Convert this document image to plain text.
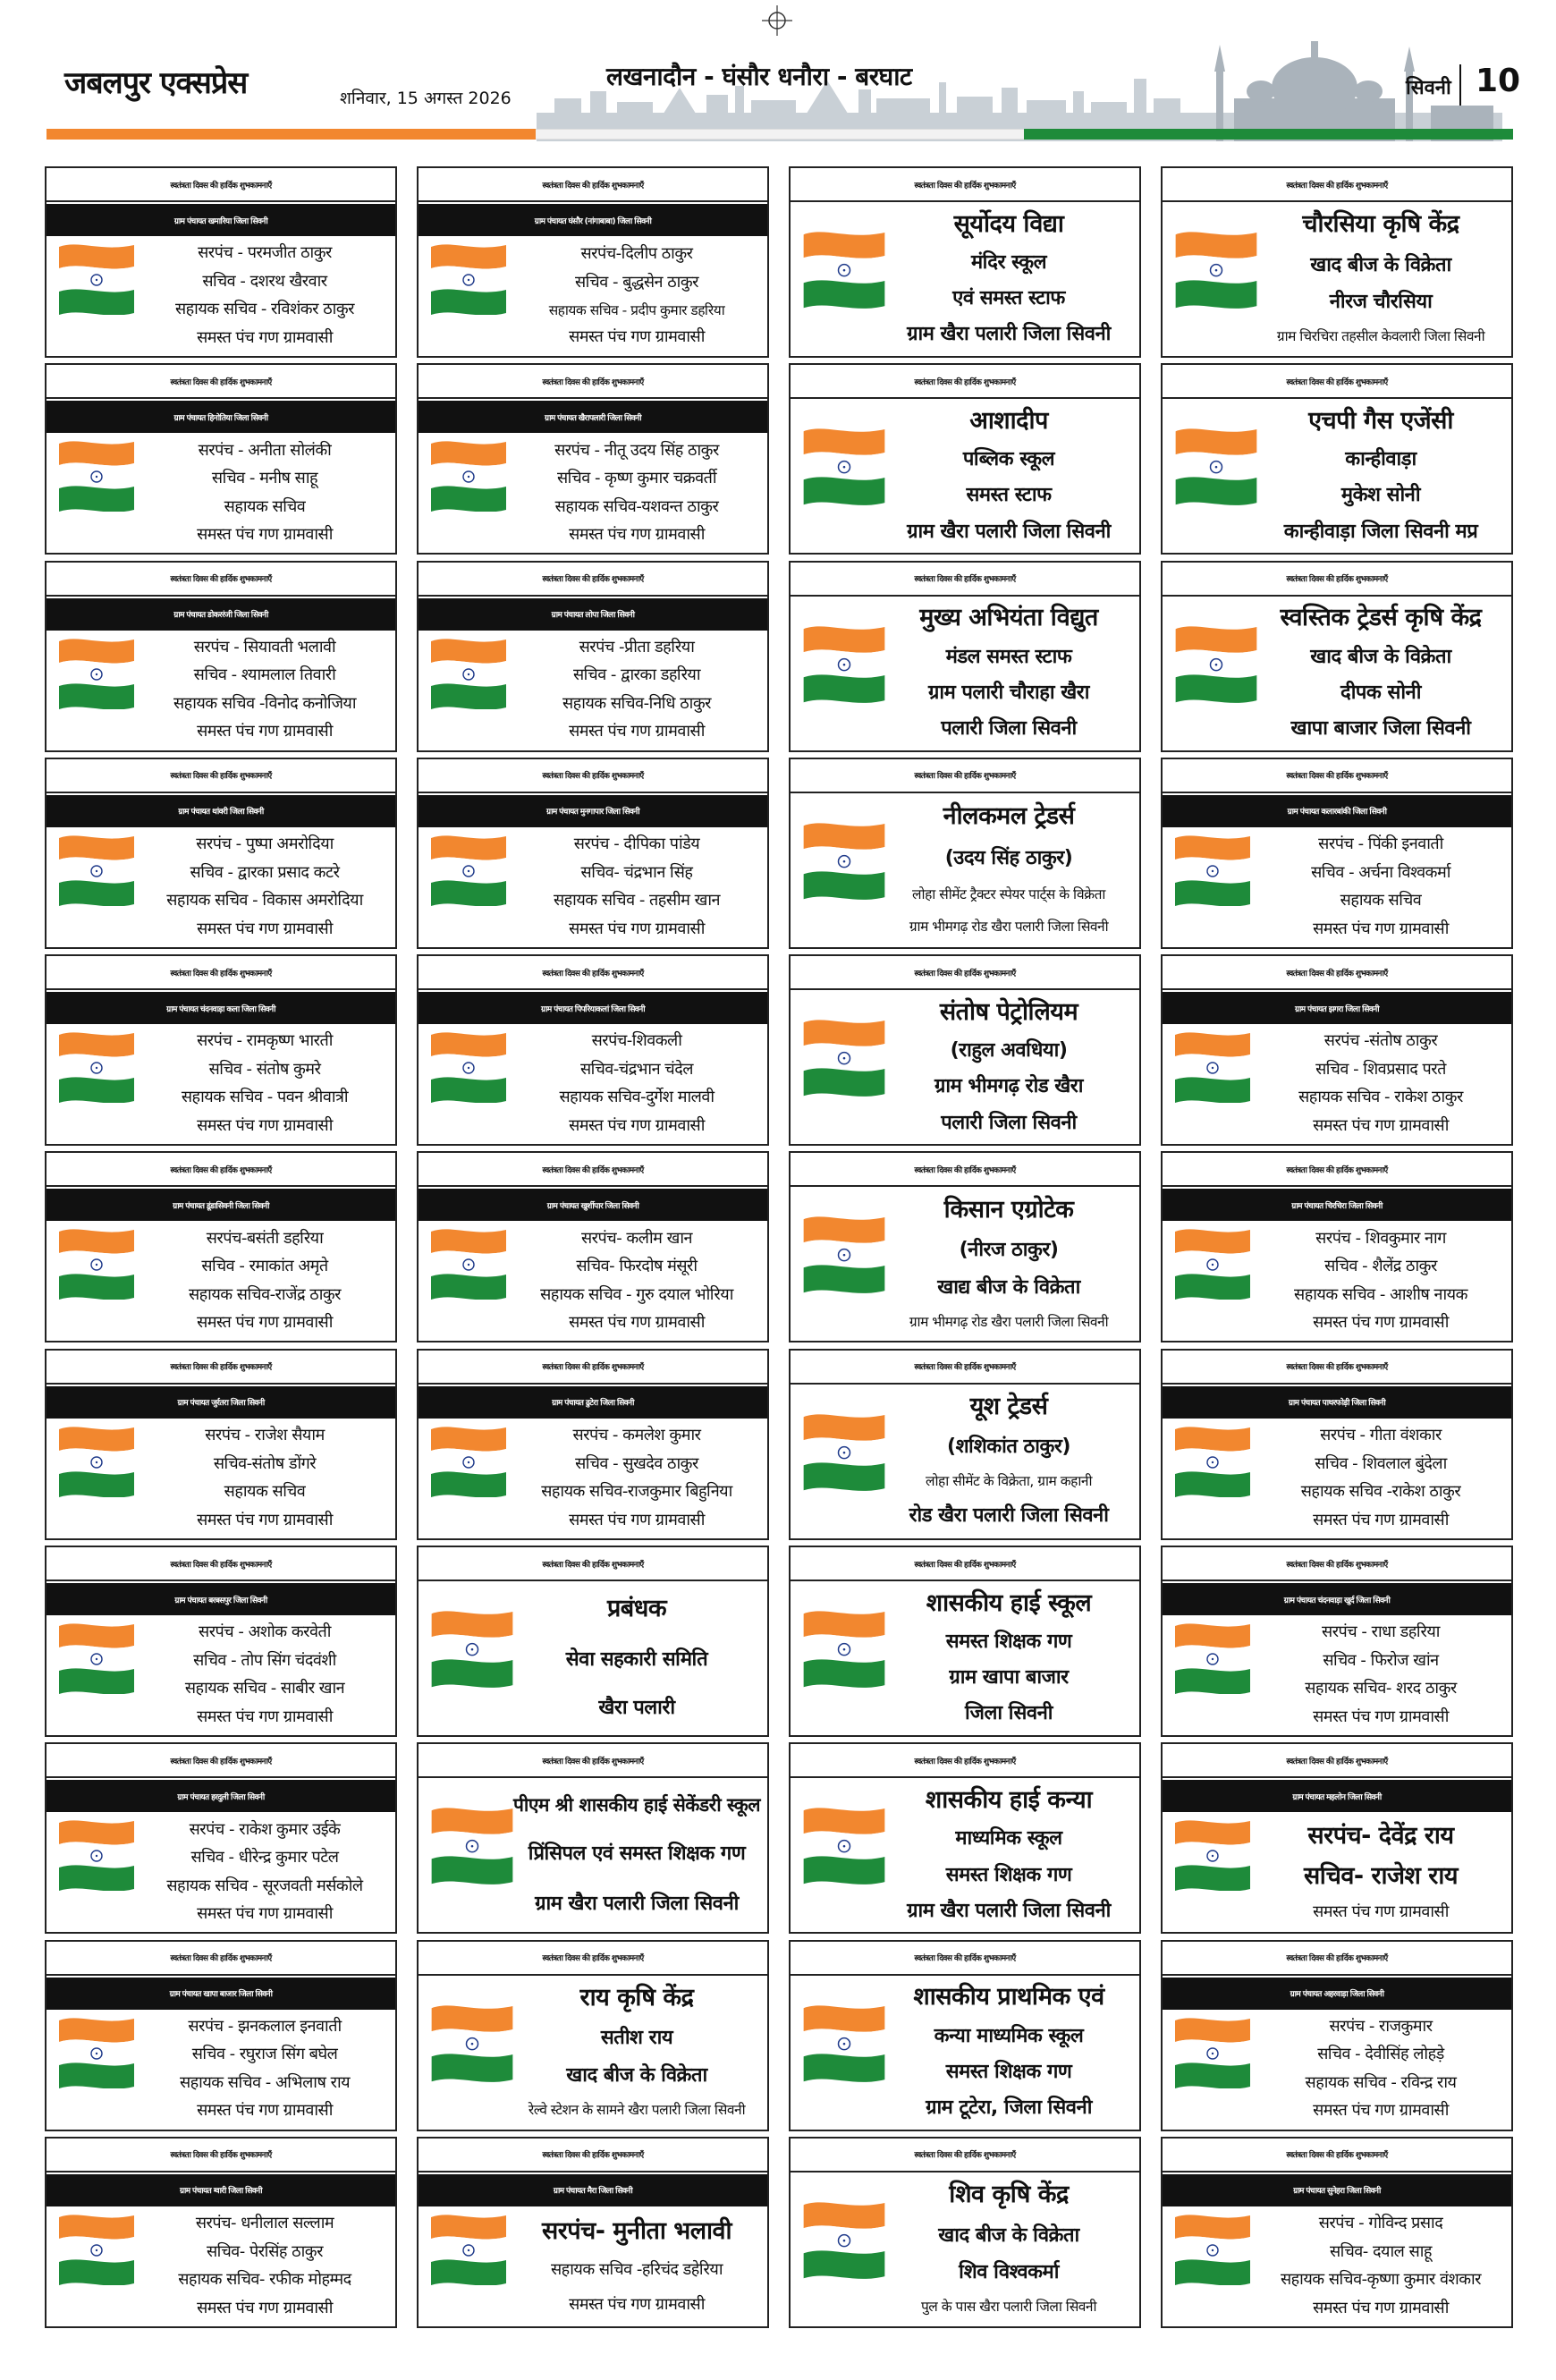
जबलपुर एक्सप्रेस	शनिवार, 15 अगस्त 2026
लखनादौन - घंसौर धनौरा - बरघाट	सिवनी 10
स्वतंत्रता दिवस की हार्दिक शुभकामनाएँ
ग्राम पंचायत खमारिया जिला सिवनी
सरपंच - परमजीत ठाकुर
सचिव - दशरथ खैरवार
सहायक सचिव - रविशंकर ठाकुर
समस्त पंच गण ग्रामवासी
स्वतंत्रता दिवस की हार्दिक शुभकामनाएँ
ग्राम पंचायत घंसौर (नांगाबाबा) जिला सिवनी
सरपंच-दिलीप ठाकुर
सचिव - बुद्धसेन ठाकुर
सहायक सचिव - प्रदीप कुमार डहरिया
समस्त पंच गण ग्रामवासी
स्वतंत्रता दिवस की हार्दिक शुभकामनाएँ
सूर्योदय विद्या
मंदिर स्कूल
एवं समस्त स्टाफ
ग्राम खैरा पलारी जिला सिवनी
स्वतंत्रता दिवस की हार्दिक शुभकामनाएँ
चौरसिया कृषि केंद्र
खाद बीज के विक्रेता
नीरज चौरसिया
ग्राम चिरचिरा तहसील केवलारी जिला सिवनी
स्वतंत्रता दिवस की हार्दिक शुभकामनाएँ
ग्राम पंचायत हिनोतिया जिला सिवनी
सरपंच - अनीता सोलंकी
सचिव - मनीष साहू
सहायक सचिव
समस्त पंच गण ग्रामवासी
स्वतंत्रता दिवस की हार्दिक शुभकामनाएँ
ग्राम पंचायत खैरापलारी जिला सिवनी
सरपंच - नीतू उदय सिंह ठाकुर
सचिव - कृष्ण कुमार चक्रवर्ती
सहायक सचिव-यशवन्त ठाकुर
समस्त पंच गण ग्रामवासी
स्वतंत्रता दिवस की हार्दिक शुभकामनाएँ
आशादीप
पब्लिक स्कूल
समस्त स्टाफ
ग्राम खैरा पलारी जिला सिवनी
स्वतंत्रता दिवस की हार्दिक शुभकामनाएँ
एचपी गैस एजेंसी
कान्हीवाड़ा
मुकेश सोनी
कान्हीवाड़ा जिला सिवनी मप्र
स्वतंत्रता दिवस की हार्दिक शुभकामनाएँ
ग्राम पंचायत डोकररंजी जिला सिवनी
सरपंच - सियावती भलावी
सचिव - श्यामलाल तिवारी
सहायक सचिव -विनोद कनोजिया
समस्त पंच गण ग्रामवासी
स्वतंत्रता दिवस की हार्दिक शुभकामनाएँ
ग्राम पंचायत लोपा जिला सिवनी
सरपंच -प्रीता डहरिया
सचिव - द्वारका डहरिया
सहायक सचिव-निधि ठाकुर
समस्त पंच गण ग्रामवासी
स्वतंत्रता दिवस की हार्दिक शुभकामनाएँ
मुख्य अभियंता विद्युत
मंडल समस्त स्टाफ
ग्राम पलारी चौराहा खैरा
पलारी जिला सिवनी
स्वतंत्रता दिवस की हार्दिक शुभकामनाएँ
स्वस्तिक ट्रेडर्स कृषि केंद्र
खाद बीज के विक्रेता
दीपक सोनी
खापा बाजार जिला सिवनी
स्वतंत्रता दिवस की हार्दिक शुभकामनाएँ
ग्राम पंचायत थांवरी जिला सिवनी
सरपंच - पुष्पा अमरोदिया
सचिव - द्वारका प्रसाद कटरे
सहायक सचिव - विकास अमरोदिया
समस्त पंच गण ग्रामवासी
स्वतंत्रता दिवस की हार्दिक शुभकामनाएँ
ग्राम पंचायत मुनगापार जिला सिवनी
सरपंच - दीपिका पांडेय
सचिव- चंद्रभान सिंह
सहायक सचिव - तहसीम खान
समस्त पंच गण ग्रामवासी
स्वतंत्रता दिवस की हार्दिक शुभकामनाएँ
नीलकमल ट्रेडर्स
(उदय सिंह ठाकुर)
लोहा सीमेंट ट्रैक्टर स्पेयर पार्ट्स के विक्रेता
ग्राम भीमगढ़ रोड खैरा पलारी जिला सिवनी
स्वतंत्रता दिवस की हार्दिक शुभकामनाएँ
ग्राम पंचायत कलारबांकी जिला सिवनी
सरपंच - पिंकी इनवाती
सचिव - अर्चना विश्वकर्मा
सहायक सचिव
समस्त पंच गण ग्रामवासी
स्वतंत्रता दिवस की हार्दिक शुभकामनाएँ
ग्राम पंचायत चंदनवाड़ा कला जिला सिवनी
सरपंच - रामकृष्ण भारती
सचिव - संतोष कुमरे
सहायक सचिव - पवन श्रीवात्री
समस्त पंच गण ग्रामवासी
स्वतंत्रता दिवस की हार्दिक शुभकामनाएँ
ग्राम पंचायत पिपरियाकलां जिला सिवनी
सरपंच-शिवकली
सचिव-चंद्रभान चंदेल
सहायक सचिव-दुर्गेश मालवी
समस्त पंच गण ग्रामवासी
स्वतंत्रता दिवस की हार्दिक शुभकामनाएँ
संतोष पेट्रोलियम
(राहुल अवधिया)
ग्राम भीमगढ़ रोड खैरा
पलारी जिला सिवनी
स्वतंत्रता दिवस की हार्दिक शुभकामनाएँ
ग्राम पंचायत झगरा जिला सिवनी
सरपंच -संतोष ठाकुर
सचिव - शिवप्रसाद परते
सहायक सचिव - राकेश ठाकुर
समस्त पंच गण ग्रामवासी
स्वतंत्रता दिवस की हार्दिक शुभकामनाएँ
ग्राम पंचायत डूंडासिवनी जिला सिवनी
सरपंच-बसंती डहरिया
सचिव - रमाकांत अमृते
सहायक सचिव-राजेंद्र ठाकुर
समस्त पंच गण ग्रामवासी
स्वतंत्रता दिवस की हार्दिक शुभकामनाएँ
ग्राम पंचायत खुर्शीपार जिला सिवनी
सरपंच- कलीम खान
सचिव- फिरदोष मंसूरी
सहायक सचिव - गुरु दयाल भोरिया
समस्त पंच गण ग्रामवासी
स्वतंत्रता दिवस की हार्दिक शुभकामनाएँ
किसान एग्रोटेक
(नीरज ठाकुर)
खाद्य बीज के विक्रेता
ग्राम भीमगढ़ रोड खैरा पलारी जिला सिवनी
स्वतंत्रता दिवस की हार्दिक शुभकामनाएँ
ग्राम पंचायत चिरचिरा जिला सिवनी
सरपंच - शिवकुमार नाग
सचिव - शैलेंद्र ठाकुर
सहायक सचिव - आशीष नायक
समस्त पंच गण ग्रामवासी
स्वतंत्रता दिवस की हार्दिक शुभकामनाएँ
ग्राम पंचायत जुर्रतरा जिला सिवनी
सरपंच - राजेश सैयाम
सचिव-संतोष डोंगरे
सहायक सचिव
समस्त पंच गण ग्रामवासी
स्वतंत्रता दिवस की हार्दिक शुभकामनाएँ
ग्राम पंचायत ढुटेरा जिला सिवनी
सरपंच - कमलेश कुमार
सचिव - सुखदेव ठाकुर
सहायक सचिव-राजकुमार बिहुनिया
समस्त पंच गण ग्रामवासी
स्वतंत्रता दिवस की हार्दिक शुभकामनाएँ
यूश ट्रेडर्स
(शशिकांत ठाकुर)
लोहा सीमेंट के विक्रेता, ग्राम कहानी
रोड खैरा पलारी जिला सिवनी
स्वतंत्रता दिवस की हार्दिक शुभकामनाएँ
ग्राम पंचायत पाथरफोड़ी जिला सिवनी
सरपंच - गीता वंशकार
सचिव - शिवलाल बुंदेला
सहायक सचिव -राकेश ठाकुर
समस्त पंच गण ग्रामवासी
स्वतंत्रता दिवस की हार्दिक शुभकामनाएँ
ग्राम पंचायत बरबसपुर जिला सिवनी
सरपंच - अशोक करवेती
सचिव - तोप सिंग चंदवंशी
सहायक सचिव - साबीर खान
समस्त पंच गण ग्रामवासी
स्वतंत्रता दिवस की हार्दिक शुभकामनाएँ
प्रबंधक
सेवा सहकारी समिति
खैरा पलारी
स्वतंत्रता दिवस की हार्दिक शुभकामनाएँ
शासकीय हाई स्कूल
समस्त शिक्षक गण
ग्राम खापा बाजार
जिला सिवनी
स्वतंत्रता दिवस की हार्दिक शुभकामनाएँ
ग्राम पंचायत चंदनवाड़ा खुर्द जिला सिवनी
सरपंच - राधा डहरिया
सचिव - फिरोज खांन
सहायक सचिव- शरद ठाकुर
समस्त पंच गण ग्रामवासी
स्वतंत्रता दिवस की हार्दिक शुभकामनाएँ
ग्राम पंचायत हरदुली जिला सिवनी
सरपंच - राकेश कुमार उईके
सचिव - धीरेन्द्र कुमार पटेल
सहायक सचिव - सूरजवती मर्सकोले
समस्त पंच गण ग्रामवासी
स्वतंत्रता दिवस की हार्दिक शुभकामनाएँ
पीएम श्री शासकीय हाई सेकेंडरी स्कूल
प्रिंसिपल एवं समस्त शिक्षक गण
ग्राम खैरा पलारी जिला सिवनी
स्वतंत्रता दिवस की हार्दिक शुभकामनाएँ
शासकीय हाई कन्या
माध्यमिक स्कूल
समस्त शिक्षक गण
ग्राम खैरा पलारी जिला सिवनी
स्वतंत्रता दिवस की हार्दिक शुभकामनाएँ
ग्राम पंचायत महलोन जिला सिवनी
सरपंच- देवेंद्र राय
सचिव- राजेश राय
समस्त पंच गण ग्रामवासी
स्वतंत्रता दिवस की हार्दिक शुभकामनाएँ
ग्राम पंचायत खापा बाजार जिला सिवनी
सरपंच - झनकलाल इनवाती
सचिव - रघुराज सिंग बघेल
सहायक सचिव - अभिलाष राय
समस्त पंच गण ग्रामवासी
स्वतंत्रता दिवस की हार्दिक शुभकामनाएँ
राय कृषि केंद्र
सतीश राय
खाद बीज के विक्रेता
रेल्वे स्टेशन के सामने खैरा पलारी जिला सिवनी
स्वतंत्रता दिवस की हार्दिक शुभकामनाएँ
शासकीय प्राथमिक एवं
कन्या माध्यमिक स्कूल
समस्त शिक्षक गण
ग्राम टूटेरा, जिला सिवनी
स्वतंत्रता दिवस की हार्दिक शुभकामनाएँ
ग्राम पंचायत अहरवाड़ा जिला सिवनी
सरपंच - राजकुमार
सचिव - देवीसिंह लोहड़े
सहायक सचिव - रविन्द्र राय
समस्त पंच गण ग्रामवासी
स्वतंत्रता दिवस की हार्दिक शुभकामनाएँ
ग्राम पंचायत ग्वारी जिला सिवनी
सरपंच- धनीलाल सल्लाम
सचिव- पेरसिंह ठाकुर
सहायक सचिव- रफीक मोहम्मद
समस्त पंच गण ग्रामवासी
स्वतंत्रता दिवस की हार्दिक शुभकामनाएँ
ग्राम पंचायत मैरा जिला सिवनी
सरपंच- मुनीता भलावी
सहायक सचिव -हरिचंद डहेरिया
समस्त पंच गण ग्रामवासी
स्वतंत्रता दिवस की हार्दिक शुभकामनाएँ
शिव कृषि केंद्र
खाद बीज के विक्रेता
शिव विश्वकर्मा
पुल के पास खैरा पलारी जिला सिवनी
स्वतंत्रता दिवस की हार्दिक शुभकामनाएँ
ग्राम पंचायत सुनेहरा जिला सिवनी
सरपंच - गोविन्द प्रसाद
सचिव- दयाल साहू
सहायक सचिव-कृष्णा कुमार वंशकार
समस्त पंच गण ग्रामवासी
